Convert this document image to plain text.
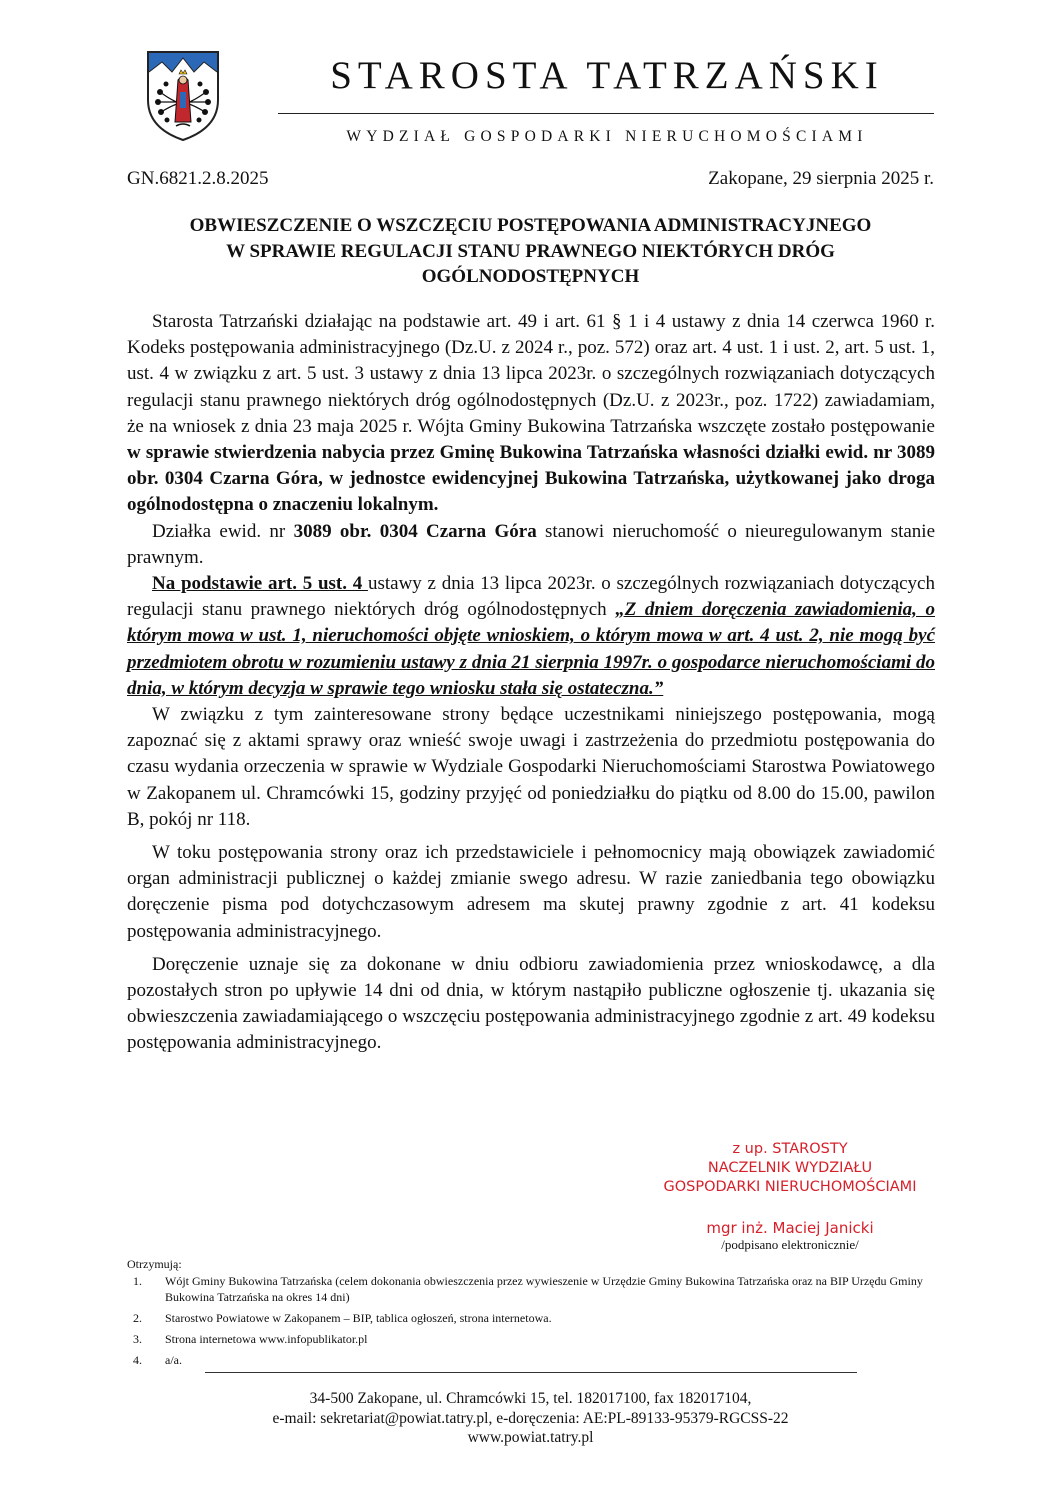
STAROSTA TATRZAŃSKI
WYDZIAŁ GOSPODARKI NIERUCHOMOŚCIAMI
GN.6821.2.8.2025	Zakopane, 29 sierpnia 2025 r.
OBWIESZCZENIE O WSZCZĘCIU POSTĘPOWANIA ADMINISTRACYJNEGO
W SPRAWIE REGULACJI STANU PRAWNEGO NIEKTÓRYCH DRÓG
OGÓLNODOSTĘPNYCH

Starosta Tatrzański działając na podstawie art. 49 i art. 61 § 1 i 4 ustawy z dnia 14 czerwca 1960 r. Kodeks postępowania administracyjnego (Dz.U. z 2024 r., poz. 572) oraz art. 4 ust. 1 i ust. 2, art. 5 ust. 1, ust. 4 w związku z art. 5 ust. 3 ustawy z dnia 13 lipca 2023r. o szczególnych rozwiązaniach dotyczących regulacji stanu prawnego niektórych dróg ogólnodostępnych (Dz.U. z 2023r., poz. 1722) zawiadamiam, że na wniosek z dnia 23 maja 2025 r. Wójta Gminy Bukowina Tatrzańska wszczęte zostało postępowanie w sprawie stwierdzenia nabycia przez Gminę Bukowina Tatrzańska własności działki ewid. nr 3089 obr. 0304 Czarna Góra, w jednostce ewidencyjnej Bukowina Tatrzańska, użytkowanej jako droga ogólnodostępna o znaczeniu lokalnym.

Działka ewid. nr 3089 obr. 0304 Czarna Góra stanowi nieruchomość o nieuregulowanym stanie prawnym.

Na podstawie art. 5 ust. 4 ustawy z dnia 13 lipca 2023r. o szczególnych rozwiązaniach dotyczących regulacji stanu prawnego niektórych dróg ogólnodostępnych „Z dniem doręczenia zawiadomienia, o którym mowa w ust. 1, nieruchomości objęte wnioskiem, o którym mowa w art. 4 ust. 2, nie mogą być przedmiotem obrotu w rozumieniu ustawy z dnia 21 sierpnia 1997r. o gospodarce nieruchomościami do dnia, w którym decyzja w sprawie tego wniosku stała się ostateczna.”

W związku z tym zainteresowane strony będące uczestnikami niniejszego postępowania, mogą zapoznać się z aktami sprawy oraz wnieść swoje uwagi i zastrzeżenia do przedmiotu postępowania do czasu wydania orzeczenia w sprawie w Wydziale Gospodarki Nieruchomościami Starostwa Powiatowego w Zakopanem ul. Chramcówki 15, godziny przyjęć od poniedziałku do piątku od 8.00 do 15.00, pawilon B, pokój nr 118.

W toku postępowania strony oraz ich przedstawiciele i pełnomocnicy mają obowiązek zawiadomić organ administracji publicznej o każdej zmianie swego adresu. W razie zaniedbania tego obowiązku doręczenie pisma pod dotychczasowym adresem ma skutej prawny zgodnie z art. 41 kodeksu postępowania administracyjnego.

Doręczenie uznaje się za dokonane w dniu odbioru zawiadomienia przez wnioskodawcę, a dla pozostałych stron po upływie 14 dni od dnia, w którym nastąpiło publiczne ogłoszenie tj. ukazania się obwieszczenia zawiadamiającego o wszczęciu postępowania administracyjnego zgodnie z art. 49 kodeksu postępowania administracyjnego.

z up. STAROSTY
NACZELNIK WYDZIAŁU
GOSPODARKI NIERUCHOMOŚCIAMI
mgr inż. Maciej Janicki
/podpisano elektronicznie/
Otrzymują:
1. Wójt Gminy Bukowina Tatrzańska (celem dokonania obwieszczenia przez wywieszenie w Urzędzie Gminy Bukowina Tatrzańska oraz na BIP Urzędu Gminy Bukowina Tatrzańska na okres 14 dni)
2. Starostwo Powiatowe w Zakopanem – BIP, tablica ogłoszeń, strona internetowa.
3. Strona internetowa www.infopublikator.pl
4. a/a.
34-500 Zakopane, ul. Chramcówki 15, tel. 182017100, fax 182017104,
e-mail: sekretariat@powiat.tatry.pl, e-doręczenia: AE:PL-89133-95379-RGCSS-22
www.powiat.tatry.pl
